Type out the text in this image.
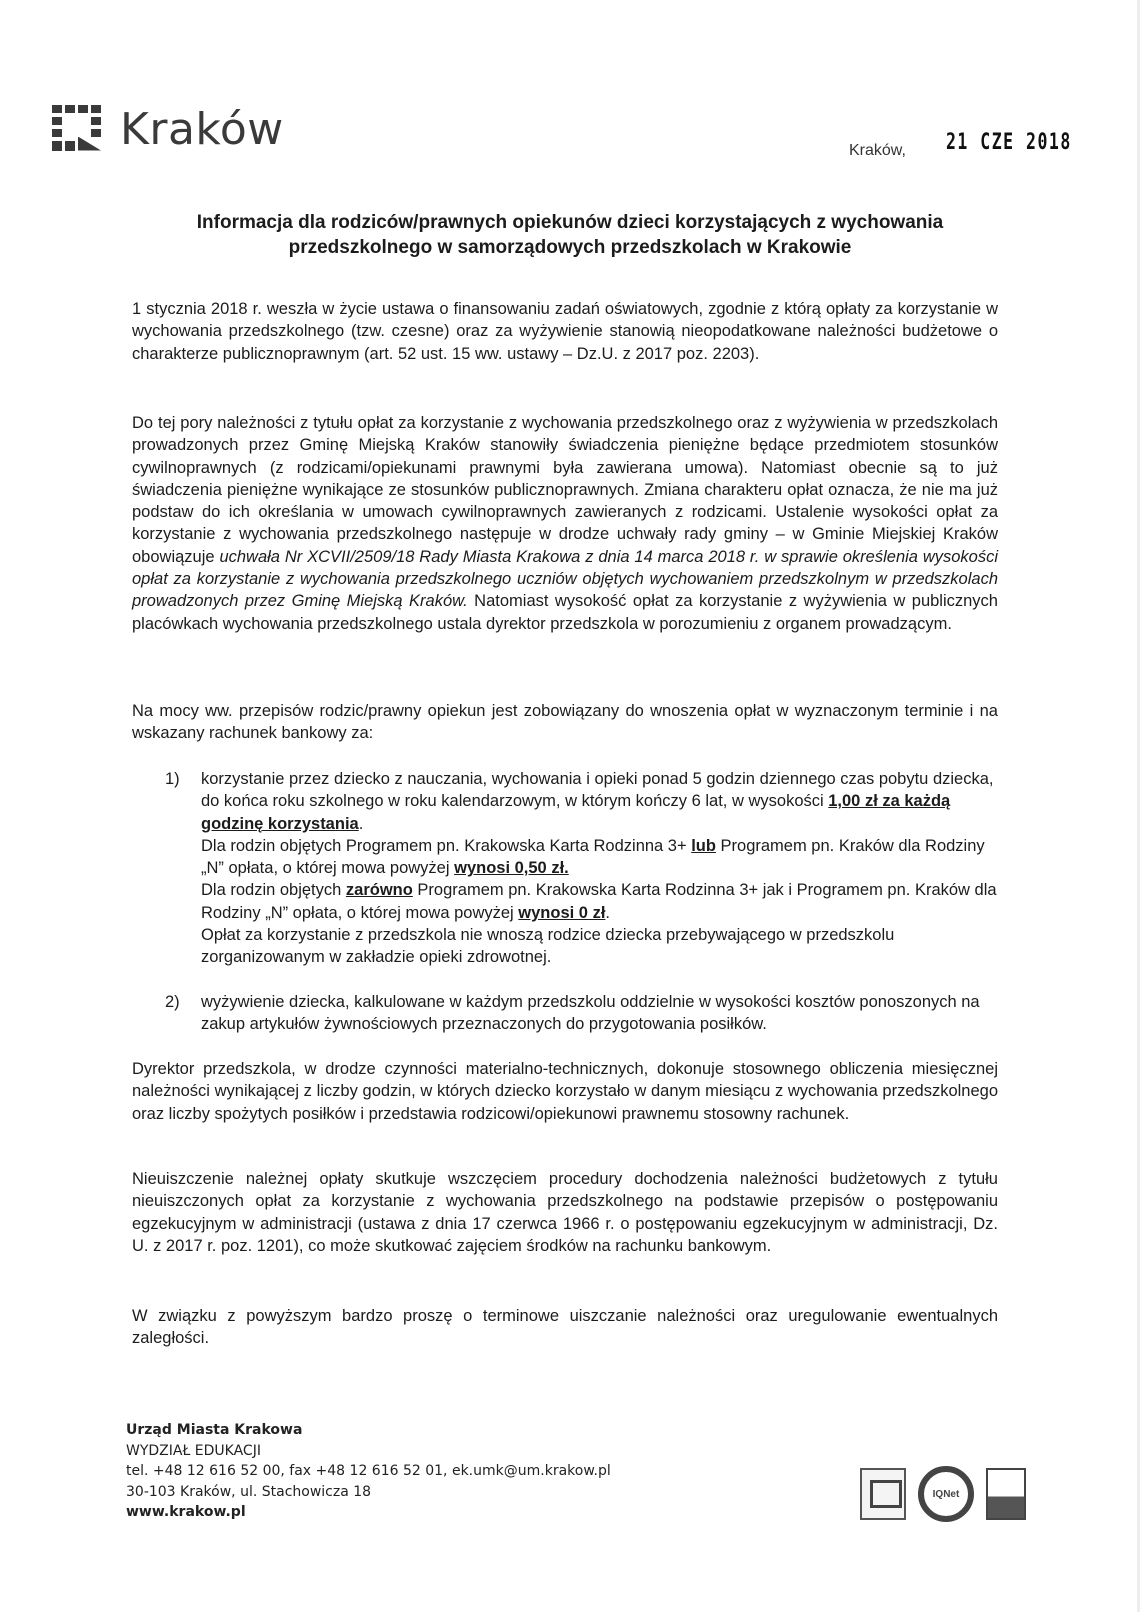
Kraków	Kraków, 21 CZE 2018
Informacja dla rodziców/prawnych opiekunów dzieci korzystających z wychowania
przedszkolnego w samorządowych przedszkolach w Krakowie
1 stycznia 2018 r. weszła w życie ustawa o finansowaniu zadań oświatowych, zgodnie z którą opłaty za korzystanie w wychowania przedszkolnego (tzw. czesne) oraz za wyżywienie stanowią nieopodatkowane należności budżetowe o charakterze publicznoprawnym (art. 52 ust. 15 ww. ustawy – Dz.U. z 2017 poz. 2203).
Do tej pory należności z tytułu opłat za korzystanie z wychowania przedszkolnego oraz z wyżywienia w przedszkolach prowadzonych przez Gminę Miejską Kraków stanowiły świadczenia pieniężne będące przedmiotem stosunków cywilnoprawnych (z rodzicami/opiekunami prawnymi była zawierana umowa). Natomiast obecnie są to już świadczenia pieniężne wynikające ze stosunków publicznoprawnych. Zmiana charakteru opłat oznacza, że nie ma już podstaw do ich określania w umowach cywilnoprawnych zawieranych z rodzicami. Ustalenie wysokości opłat za korzystanie z wychowania przedszkolnego następuje w drodze uchwały rady gminy – w Gminie Miejskiej Kraków obowiązuje uchwała Nr XCVII/2509/18 Rady Miasta Krakowa z dnia 14 marca 2018 r. w sprawie określenia wysokości opłat za korzystanie z wychowania przedszkolnego uczniów objętych wychowaniem przedszkolnym w przedszkolach prowadzonych przez Gminę Miejską Kraków. Natomiast wysokość opłat za korzystanie z wyżywienia w publicznych placówkach wychowania przedszkolnego ustala dyrektor przedszkola w porozumieniu z organem prowadzącym.
Na mocy ww. przepisów rodzic/prawny opiekun jest zobowiązany do wnoszenia opłat w wyznaczonym terminie i na wskazany rachunek bankowy za:
1)	korzystanie przez dziecko z nauczania, wychowania i opieki ponad 5 godzin dziennego czas pobytu dziecka, do końca roku szkolnego w roku kalendarzowym, w którym kończy 6 lat, w wysokości 1,00 zł za każdą godzinę korzystania.
Dla rodzin objętych Programem pn. Krakowska Karta Rodzinna 3+ lub Programem pn. Kraków dla Rodziny „N” opłata, o której mowa powyżej wynosi 0,50 zł.
Dla rodzin objętych zarówno Programem pn. Krakowska Karta Rodzinna 3+ jak i Programem pn. Kraków dla Rodziny „N” opłata, o której mowa powyżej wynosi 0 zł.
Opłat za korzystanie z przedszkola nie wnoszą rodzice dziecka przebywającego w przedszkolu zorganizowanym w zakładzie opieki zdrowotnej.
2)	wyżywienie dziecka, kalkulowane w każdym przedszkolu oddzielnie w wysokości kosztów ponoszonych na zakup artykułów żywnościowych przeznaczonych do przygotowania posiłków.
Dyrektor przedszkola, w drodze czynności materialno-technicznych, dokonuje stosownego obliczenia miesięcznej należności wynikającej z liczby godzin, w których dziecko korzystało w danym miesiącu z wychowania przedszkolnego oraz liczby spożytych posiłków i przedstawia rodzicowi/opiekunowi prawnemu stosowny rachunek.
Nieuiszczenie należnej opłaty skutkuje wszczęciem procedury dochodzenia należności budżetowych z tytułu nieuiszczonych opłat za korzystanie z wychowania przedszkolnego na podstawie przepisów o postępowaniu egzekucyjnym w administracji (ustawa z dnia 17 czerwca 1966 r. o postępowaniu egzekucyjnym w administracji, Dz. U. z 2017 r. poz. 1201), co może skutkować zajęciem środków na rachunku bankowym.
W związku z powyższym bardzo proszę o terminowe uiszczanie należności oraz uregulowanie ewentualnych zaległości.
Urząd Miasta Krakowa
WYDZIAŁ EDUKACJI
tel. +48 12 616 52 00, fax +48 12 616 52 01, ek.umk@um.krakow.pl
30-103 Kraków, ul. Stachowicza 18
www.krakow.pl
IQNet
